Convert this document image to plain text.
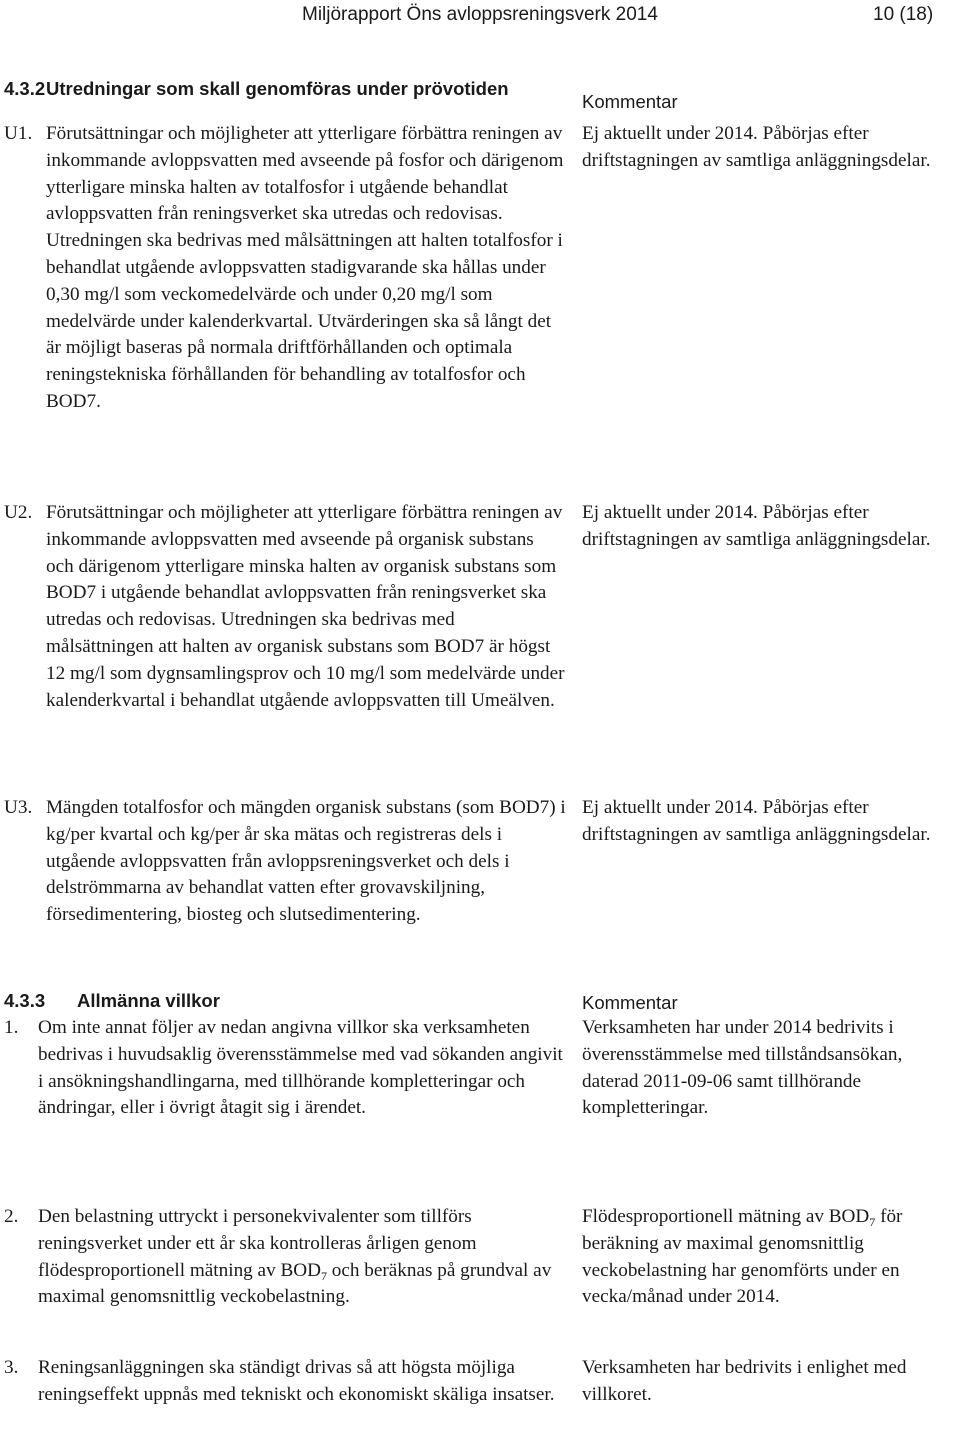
Miljörapport Öns avloppsreningsverk 2014	10 (18)
4.3.2 Utredningar som skall genomföras under prövotiden
Kommentar
U1. Förutsättningar och möjligheter att ytterligare förbättra reningen av inkommande avloppsvatten med avseende på fosfor och därigenom ytterligare minska halten av totalfosfor i utgående behandlat avloppsvatten från reningsverket ska utredas och redovisas. Utredningen ska bedrivas med målsättningen att halten totalfosfor i behandlat utgående avloppsvatten stadigvarande ska hållas under 0,30 mg/l som veckomedelvärde och under 0,20 mg/l som medelvärde under kalenderkvartal. Utvärderingen ska så långt det är möjligt baseras på normala driftförhållanden och optimala reningstekniska förhållanden för behandling av totalfosfor och BOD7.
Ej aktuellt under 2014. Påbörjas efter driftstagningen av samtliga anläggningsdelar.
U2. Förutsättningar och möjligheter att ytterligare förbättra reningen av inkommande avloppsvatten med avseende på organisk substans och därigenom ytterligare minska halten av organisk substans som BOD7 i utgående behandlat avloppsvatten från reningsverket ska utredas och redovisas. Utredningen ska bedrivas med målsättningen att halten av organisk substans som BOD7 är högst 12 mg/l som dygnsamlingsprov och 10 mg/l som medelvärde under kalenderkvartal i behandlat utgående avloppsvatten till Umeälven.
Ej aktuellt under 2014. Påbörjas efter driftstagningen av samtliga anläggningsdelar.
U3. Mängden totalfosfor och mängden organisk substans (som BOD7) i kg/per kvartal och kg/per år ska mätas och registreras dels i utgående avloppsvatten från avloppsreningsverket och dels i delströmmarna av behandlat vatten efter grovavskiljning, försedimentering, biosteg och slutsedimentering.
Ej aktuellt under 2014. Påbörjas efter driftstagningen av samtliga anläggningsdelar.
4.3.3 Allmänna villkor	Kommentar
1. Om inte annat följer av nedan angivna villkor ska verksamheten bedrivas i huvudsaklig överensstämmelse med vad sökanden angivit i ansökningshandlingarna, med tillhörande kompletteringar och ändringar, eller i övrigt åtagit sig i ärendet.
Verksamheten har under 2014 bedrivits i överensstämmelse med tillståndsansökan, daterad 2011-09-06 samt tillhörande kompletteringar.
2. Den belastning uttryckt i personekvivalenter som tillförs reningsverket under ett år ska kontrolleras årligen genom flödesproportionell mätning av $BOD_7$ och beräknas på grundval av maximal genomsnittlig veckobelastning.
Flödesproportionell mätning av $BOD_7$ för beräkning av maximal genomsnittlig veckobelastning har genomförts under en vecka/månad under 2014.
3. Reningsanläggningen ska ständigt drivas så att högsta möjliga reningseffekt uppnås med tekniskt och ekonomiskt skäliga insatser.
Verksamheten har bedrivits i enlighet med villkoret.
